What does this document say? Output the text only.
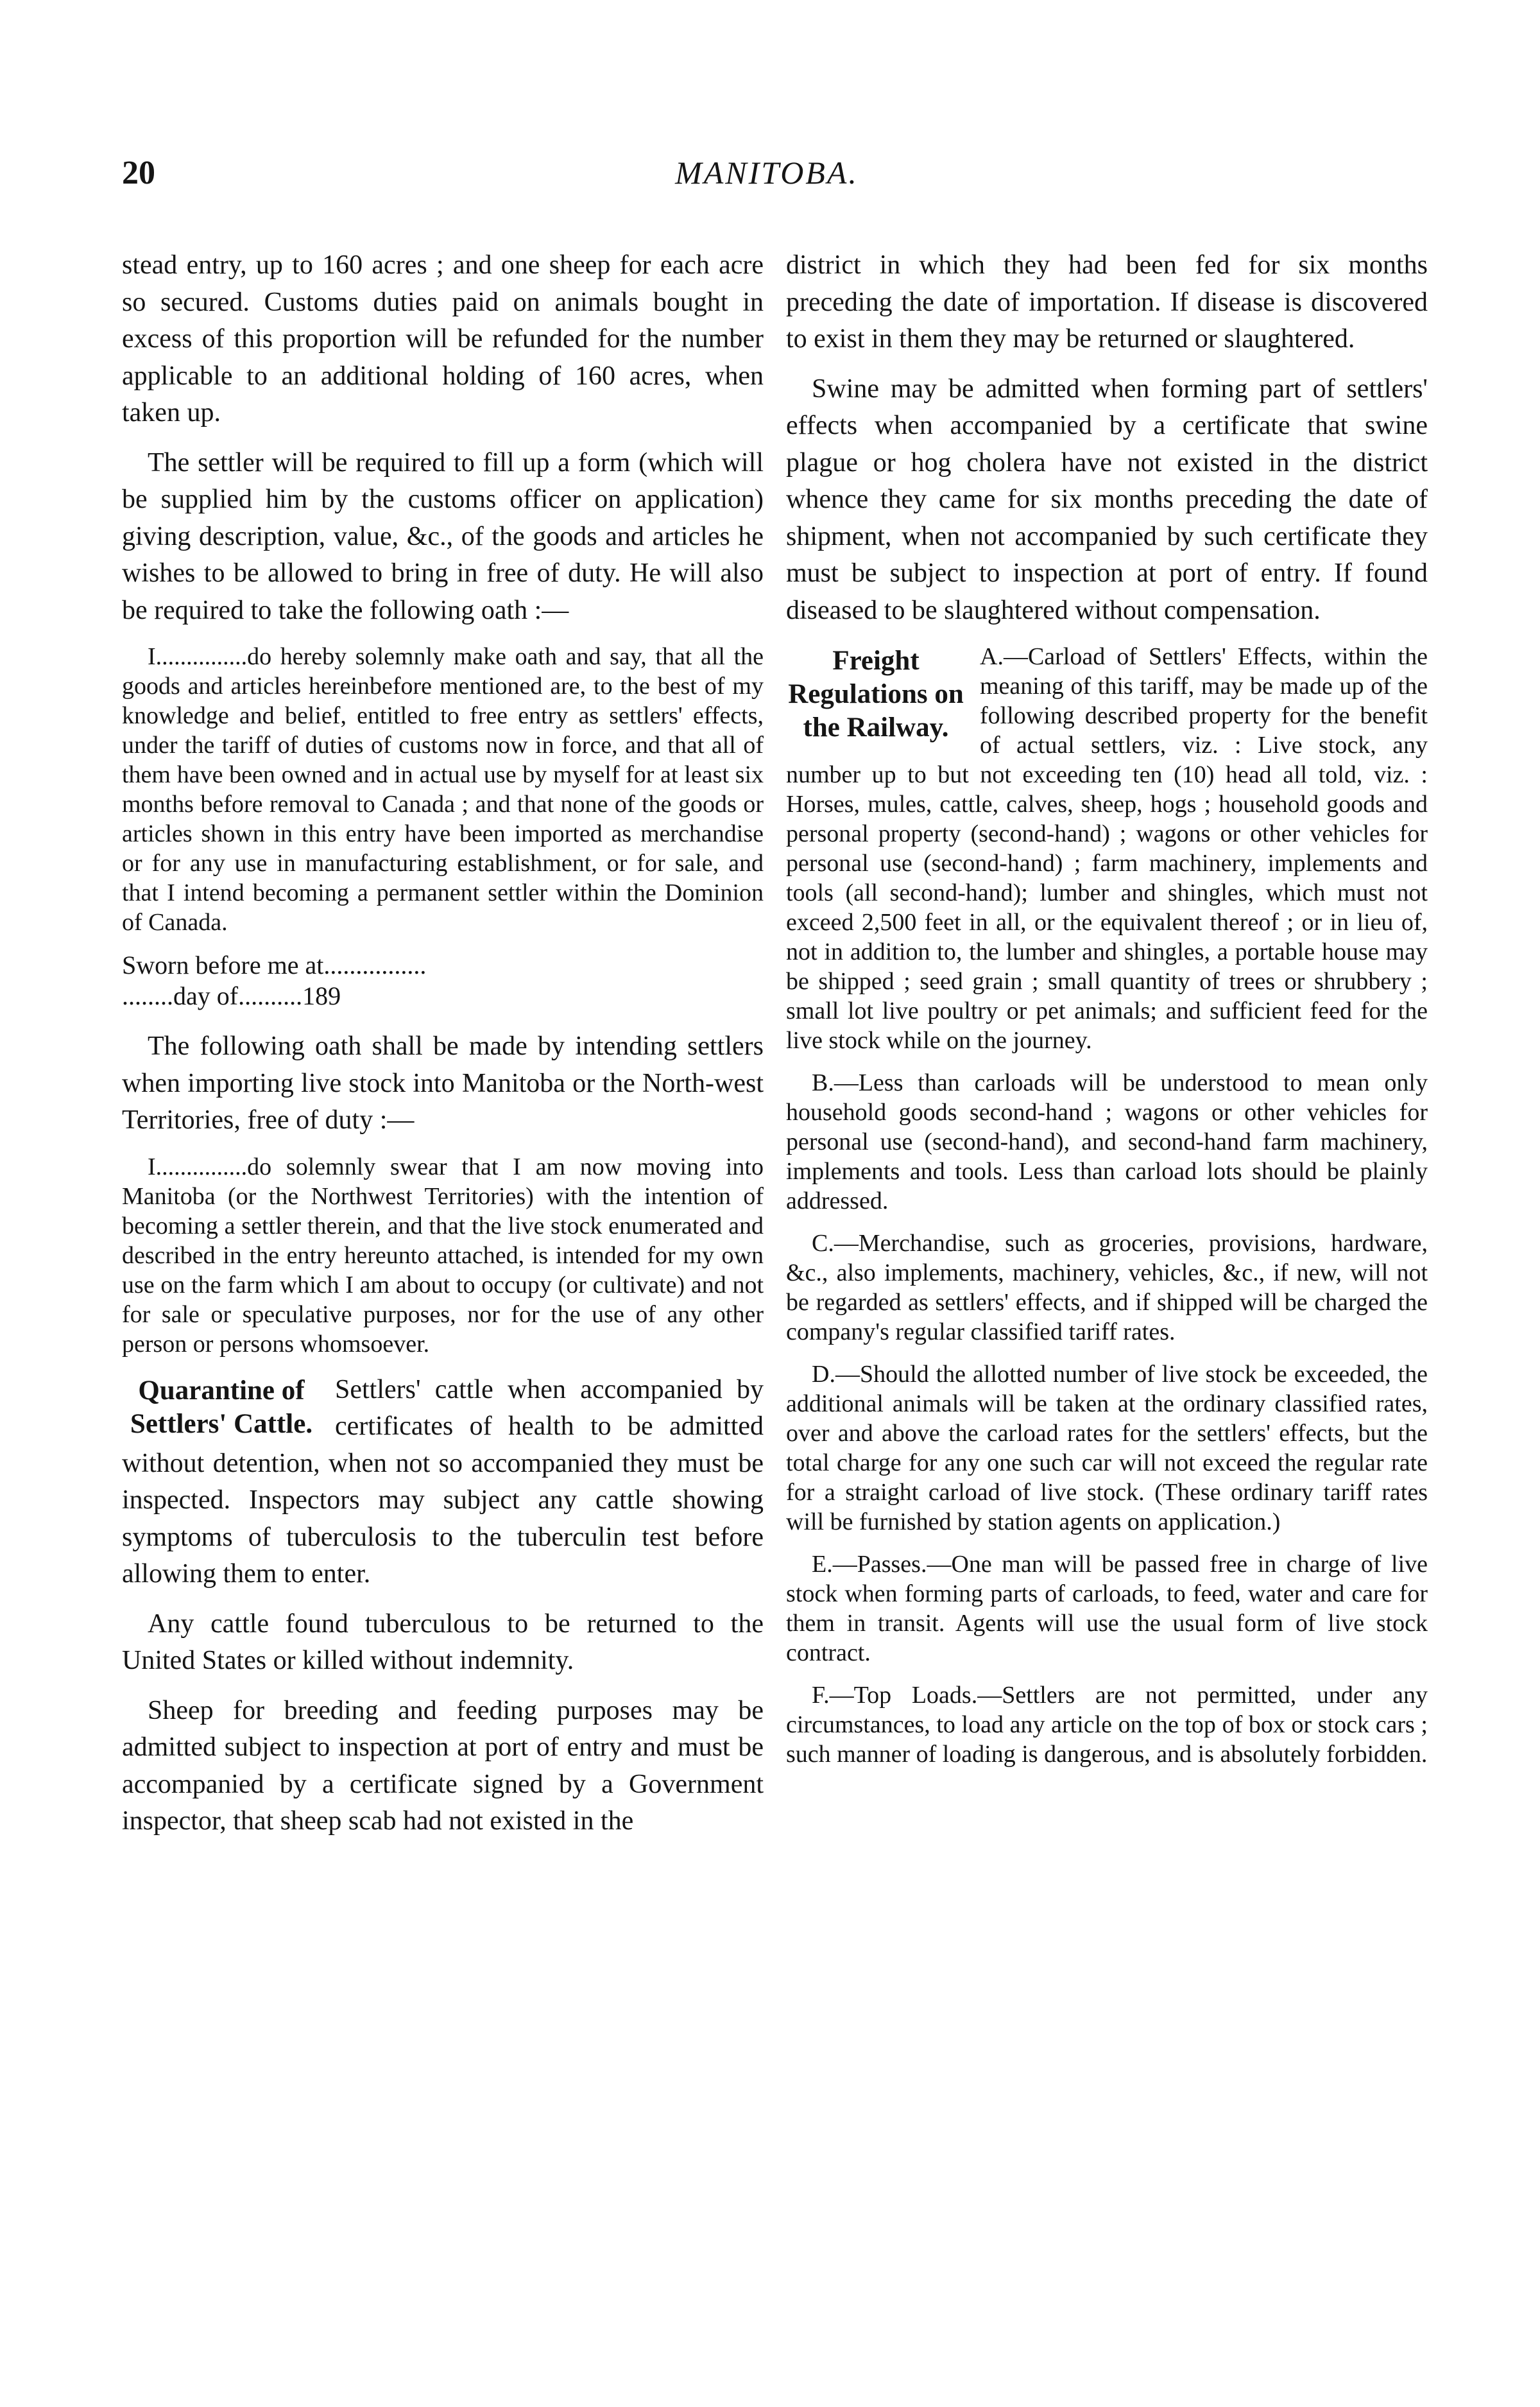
20	MANITOBA.

stead entry, up to 160 acres ; and one sheep for each acre so secured. Customs duties paid on animals bought in excess of this proportion will be refunded for the number applicable to an additional holding of 160 acres, when taken up.

The settler will be required to fill up a form (which will be supplied him by the customs officer on application) giving description, value, &c., of the goods and articles he wishes to be allowed to bring in free of duty. He will also be required to take the following oath :—

I...............do hereby solemnly make oath and say, that all the goods and articles hereinbefore mentioned are, to the best of my knowledge and belief, entitled to free entry as settlers' effects, under the tariff of duties of customs now in force, and that all of them have been owned and in actual use by myself for at least six months before removal to Canada ; and that none of the goods or articles shown in this entry have been imported as merchandise or for any use in manufacturing establishment, or for sale, and that I intend becoming a permanent settler within the Dominion of Canada.

Sworn before me at................
........day of..........189

The following oath shall be made by intending settlers when importing live stock into Manitoba or the North-west Territories, free of duty :—

I...............do solemnly swear that I am now moving into Manitoba (or the Northwest Territories) with the intention of becoming a settler therein, and that the live stock enumerated and described in the entry hereunto attached, is intended for my own use on the farm which I am about to occupy (or cultivate) and not for sale or speculative purposes, nor for the use of any other person or persons whomsoever.

Quarantine of Settlers' Cattle.
Settlers' cattle when accompanied by certificates of health to be admitted without detention, when not so accompanied they must be inspected. Inspectors may subject any cattle showing symptoms of tuberculosis to the tuberculin test before allowing them to enter.

Any cattle found tuberculous to be returned to the United States or killed without indemnity.

Sheep for breeding and feeding purposes may be admitted subject to inspection at port of entry and must be accompanied by a certificate signed by a Government inspector, that sheep scab had not existed in the

district in which they had been fed for six months preceding the date of importation. If disease is discovered to exist in them they may be returned or slaughtered.

Swine may be admitted when forming part of settlers' effects when accompanied by a certificate that swine plague or hog cholera have not existed in the district whence they came for six months preceding the date of shipment, when not accompanied by such certificate they must be subject to inspection at port of entry. If found diseased to be slaughtered without compensation.

Freight Regulations on the Railway.
A.—Carload of Settlers' Effects, within the meaning of this tariff, may be made up of the following described property for the benefit of actual settlers, viz. : Live stock, any number up to but not exceeding ten (10) head all told, viz. : Horses, mules, cattle, calves, sheep, hogs ; household goods and personal property (second-hand) ; wagons or other vehicles for personal use (second-hand) ; farm machinery, implements and tools (all second-hand); lumber and shingles, which must not exceed 2,500 feet in all, or the equivalent thereof ; or in lieu of, not in addition to, the lumber and shingles, a portable house may be shipped ; seed grain ; small quantity of trees or shrubbery ; small lot live poultry or pet animals; and sufficient feed for the live stock while on the journey.

B.—Less than carloads will be understood to mean only household goods second-hand ; wagons or other vehicles for personal use (second-hand), and second-hand farm machinery, implements and tools. Less than carload lots should be plainly addressed.

C.—Merchandise, such as groceries, provisions, hardware, &c., also implements, machinery, vehicles, &c., if new, will not be regarded as settlers' effects, and if shipped will be charged the company's regular classified tariff rates.

D.—Should the allotted number of live stock be exceeded, the additional animals will be taken at the ordinary classified rates, over and above the carload rates for the settlers' effects, but the total charge for any one such car will not exceed the regular rate for a straight carload of live stock. (These ordinary tariff rates will be furnished by station agents on application.)

E.—Passes.—One man will be passed free in charge of live stock when forming parts of carloads, to feed, water and care for them in transit. Agents will use the usual form of live stock contract.

F.—Top Loads.—Settlers are not permitted, under any circumstances, to load any article on the top of box or stock cars ; such manner of loading is dangerous, and is absolutely forbidden.
